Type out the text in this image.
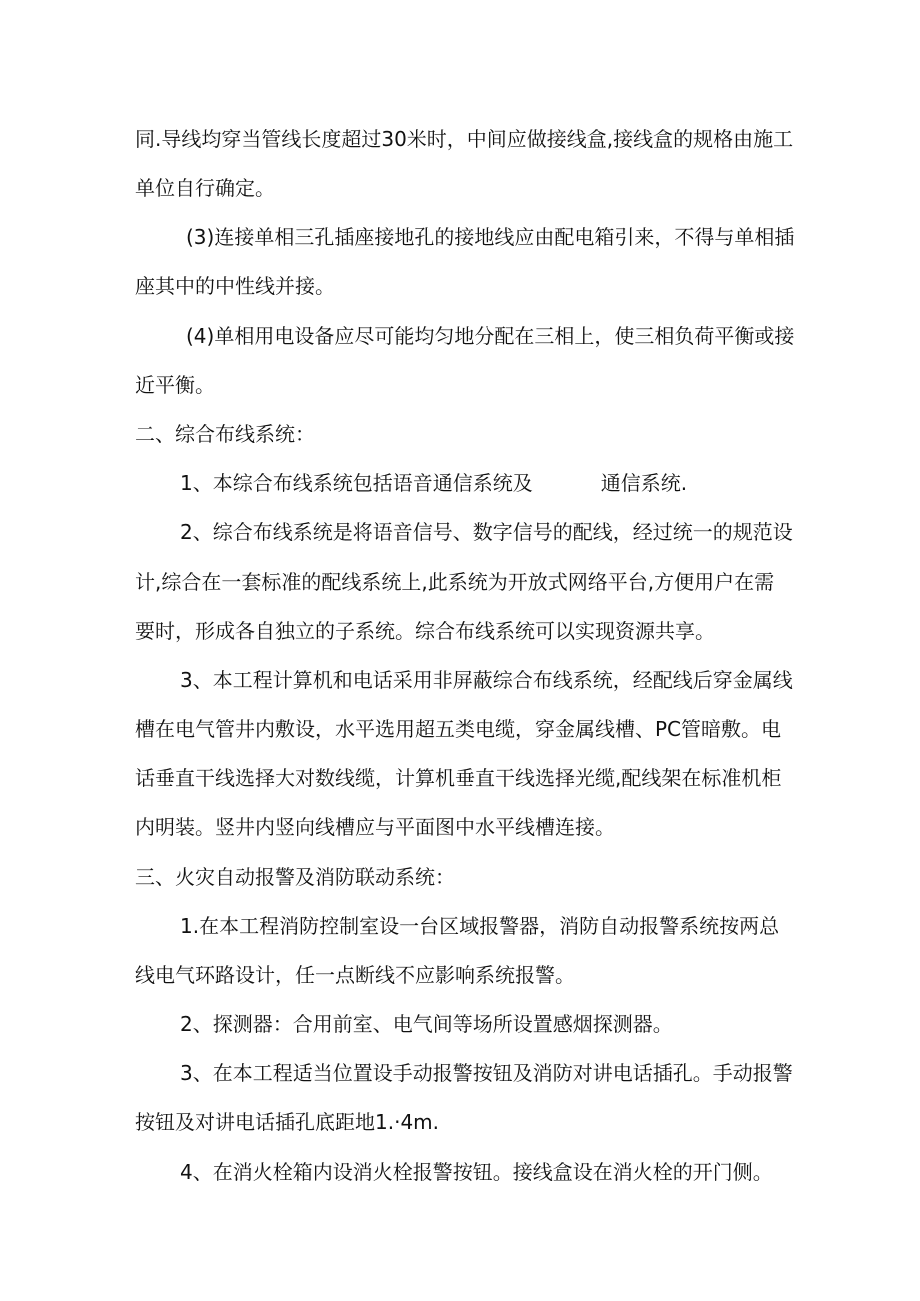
同.导线均穿当管线长度超过30米时，中间应做接线盒,接线盒的规格由施工
单位自行确定。
(3)连接单相三孔插座接地孔的接地线应由配电箱引来，不得与单相插
座其中的中性线并接。
(4)单相用电设备应尽可能均匀地分配在三相上，使三相负荷平衡或接
近平衡。
二、综合布线系统：
1、本综合布线系统包括语音通信系统及	通信系统.
2、综合布线系统是将语音信号、数字信号的配线，经过统一的规范设
计,综合在一套标准的配线系统上,此系统为开放式网络平台,方便用户在需
要时，形成各自独立的子系统。综合布线系统可以实现资源共享。
3、本工程计算机和电话采用非屏蔽综合布线系统，经配线后穿金属线
槽在电气管井内敷设，水平选用超五类电缆，穿金属线槽、PC管暗敷。电
话垂直干线选择大对数线缆，计算机垂直干线选择光缆,配线架在标准机柜
内明装。竖井内竖向线槽应与平面图中水平线槽连接。
三、火灾自动报警及消防联动系统：
1.在本工程消防控制室设一台区域报警器，消防自动报警系统按两总
线电气环路设计，任一点断线不应影响系统报警。
2、探测器：合用前室、电气间等场所设置感烟探测器。
3、在本工程适当位置设手动报警按钮及消防对讲电话插孔。手动报警
按钮及对讲电话插孔底距地1.·4m.
4、在消火栓箱内设消火栓报警按钮。接线盒设在消火栓的开门侧。
